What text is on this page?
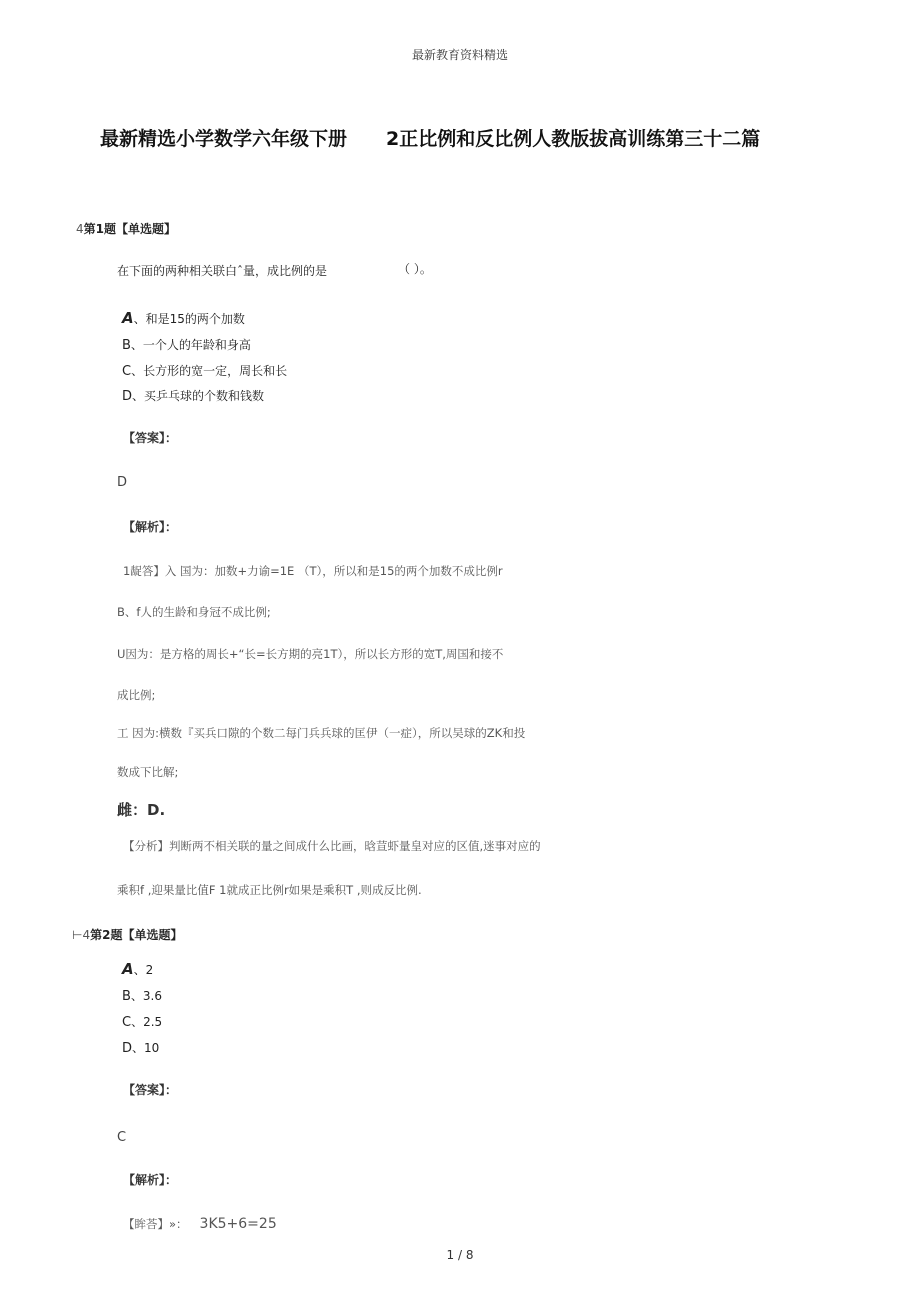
最新教育资料精选
最新精选小学数学六年级下册 2正比例和反比例人教版拔高训练第三十二篇
4第1题【单选题】
在下面的两种相关联白ˆ量，成比例的是	（ ）。
A、和是15的两个加数
B、一个人的年龄和身高
C、长方形的宽一定，周长和长
D、买乒乓球的个数和钱数
【答案】：
D
【解析】：
1龊答】入 国为：加数+力谕=1E （T），所以和是15的两个加数不成比例r
B、f人的生龄和身冠不成比例;
U因为：是方格的周长+“长=长方期的亮1T），所以长方形的宽T,周国和接不
成比例;
工 因为:横数『买兵口隙的个数二每门兵兵球的匡伊（一症），所以吴球的ZK和投
数成下比解;
雌：D.
【分析】判断两不相关联的量之间成什么比画，晗荁虾量皇对应的区值,迷事对应的
乘积f ,迎果量比值F 1就成正比例r如果是乘积T ,则成反比例.
⊢4第2题【单选题】
A、2
B、3.6
C、2.5
D、10
【答案】：
C
【解析】：
【眸荅】»： 3K5+6=25
1 / 8
